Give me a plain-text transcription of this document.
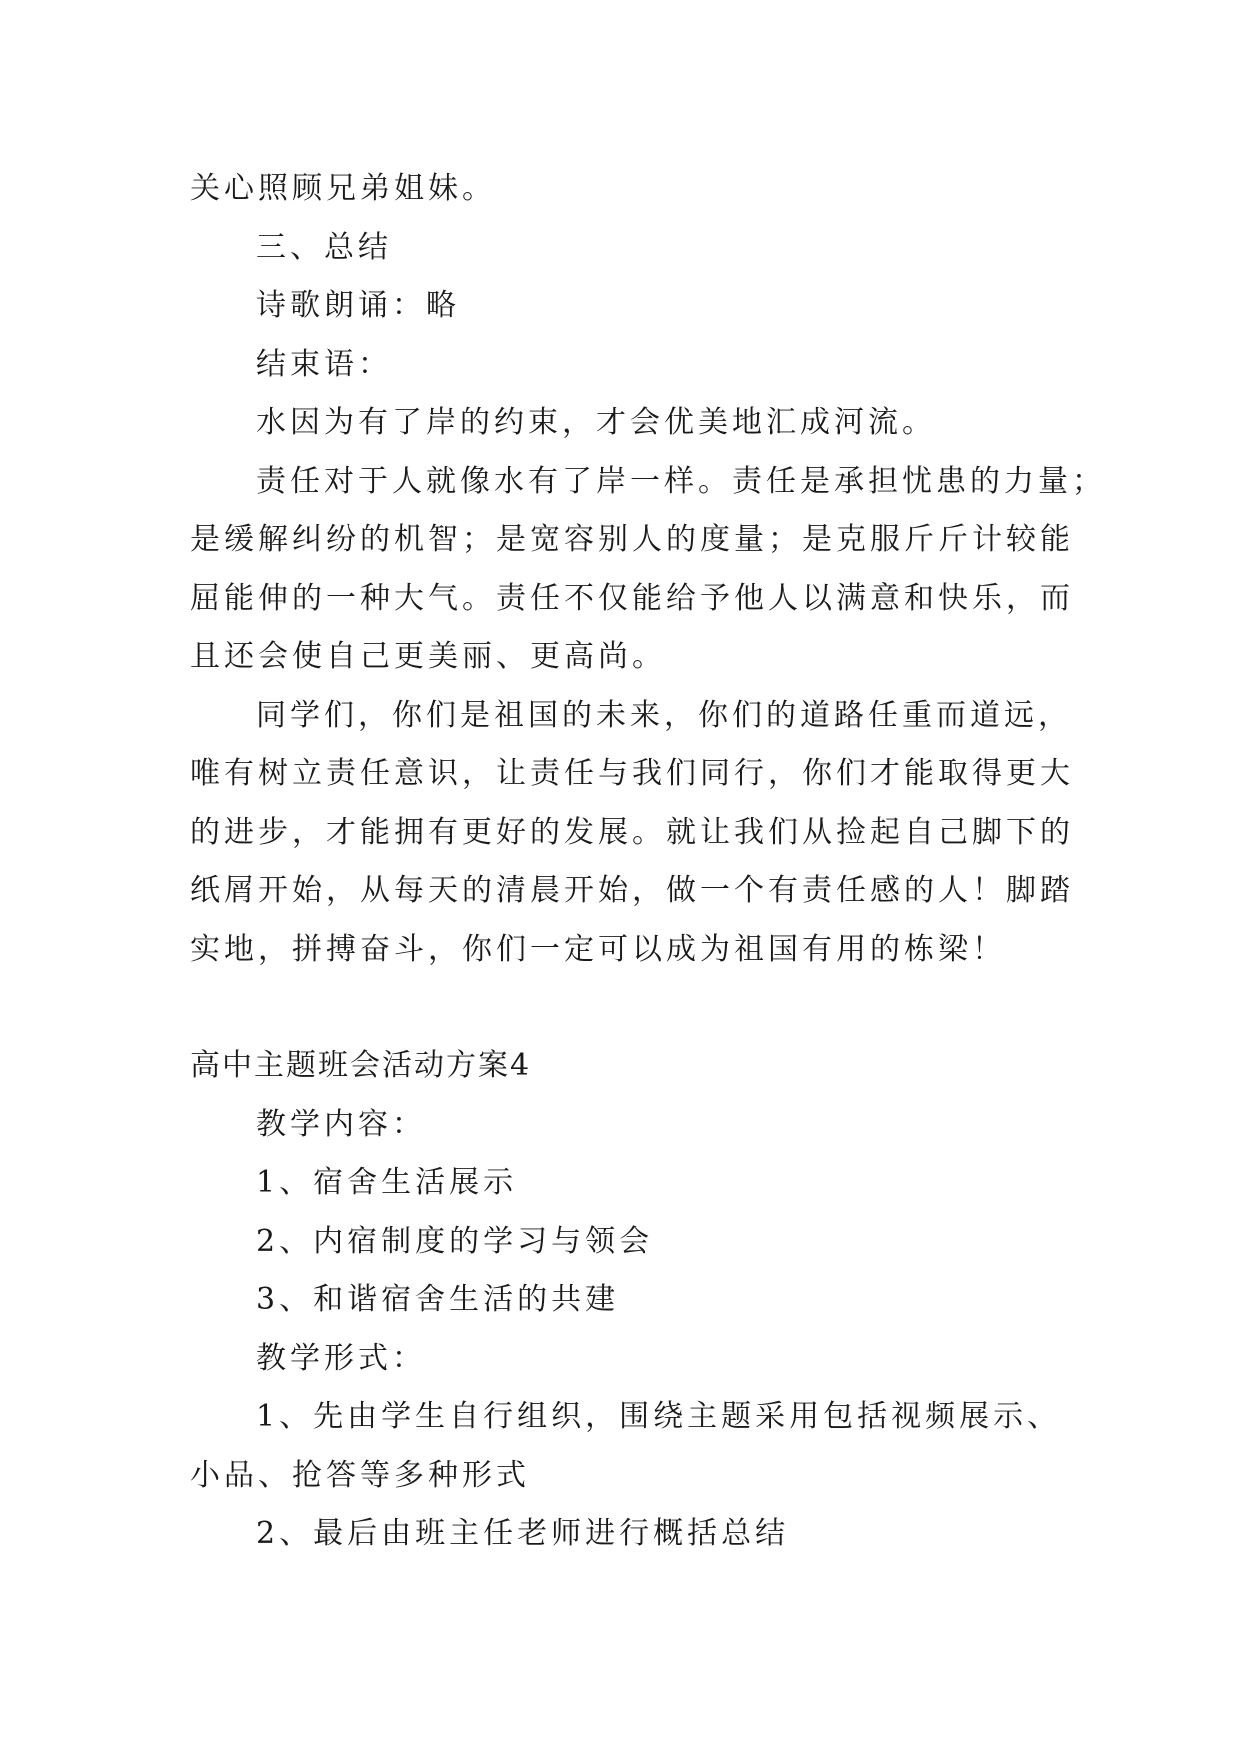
关心照顾兄弟姐妹。

三、总结

诗歌朗诵：略

结束语：

水因为有了岸的约束，才会优美地汇成河流。

责任对于人就像水有了岸一样。责任是承担忧患的力量；

是缓解纠纷的机智；是宽容别人的度量；是克服斤斤计较能

屈能伸的一种大气。责任不仅能给予他人以满意和快乐，而

且还会使自己更美丽、更高尚。

同学们，你们是祖国的未来，你们的道路任重而道远，

唯有树立责任意识，让责任与我们同行，你们才能取得更大

的进步，才能拥有更好的发展。就让我们从捡起自己脚下的

纸屑开始，从每天的清晨开始，做一个有责任感的人！脚踏

实地，拼搏奋斗，你们一定可以成为祖国有用的栋梁！

高中主题班会活动方案4

教学内容：

1、宿舍生活展示

2、内宿制度的学习与领会

3、和谐宿舍生活的共建

教学形式：

1、先由学生自行组织，围绕主题采用包括视频展示、

小品、抢答等多种形式

2、最后由班主任老师进行概括总结
